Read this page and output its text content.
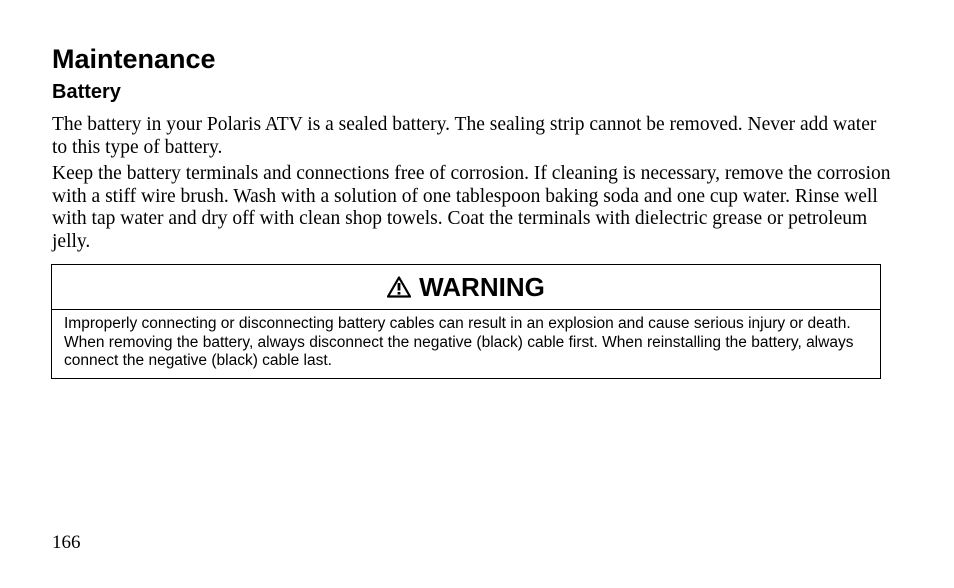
Maintenance
Battery

The battery in your Polaris ATV is a sealed battery. The sealing strip cannot be removed. Never add water to this type of battery.

Keep the battery terminals and connections free of corrosion. If cleaning is necessary, remove the corrosion with a stiff wire brush. Wash with a solution of one tablespoon baking soda and one cup water. Rinse well with tap water and dry off with clean shop towels. Coat the terminals with dielectric grease or petroleum jelly.

WARNING

Improperly connecting or disconnecting battery cables can result in an explosion and cause serious injury or death. When removing the battery, always disconnect the negative (black) cable first. When reinstalling the battery, always connect the negative (black) cable last.

166
